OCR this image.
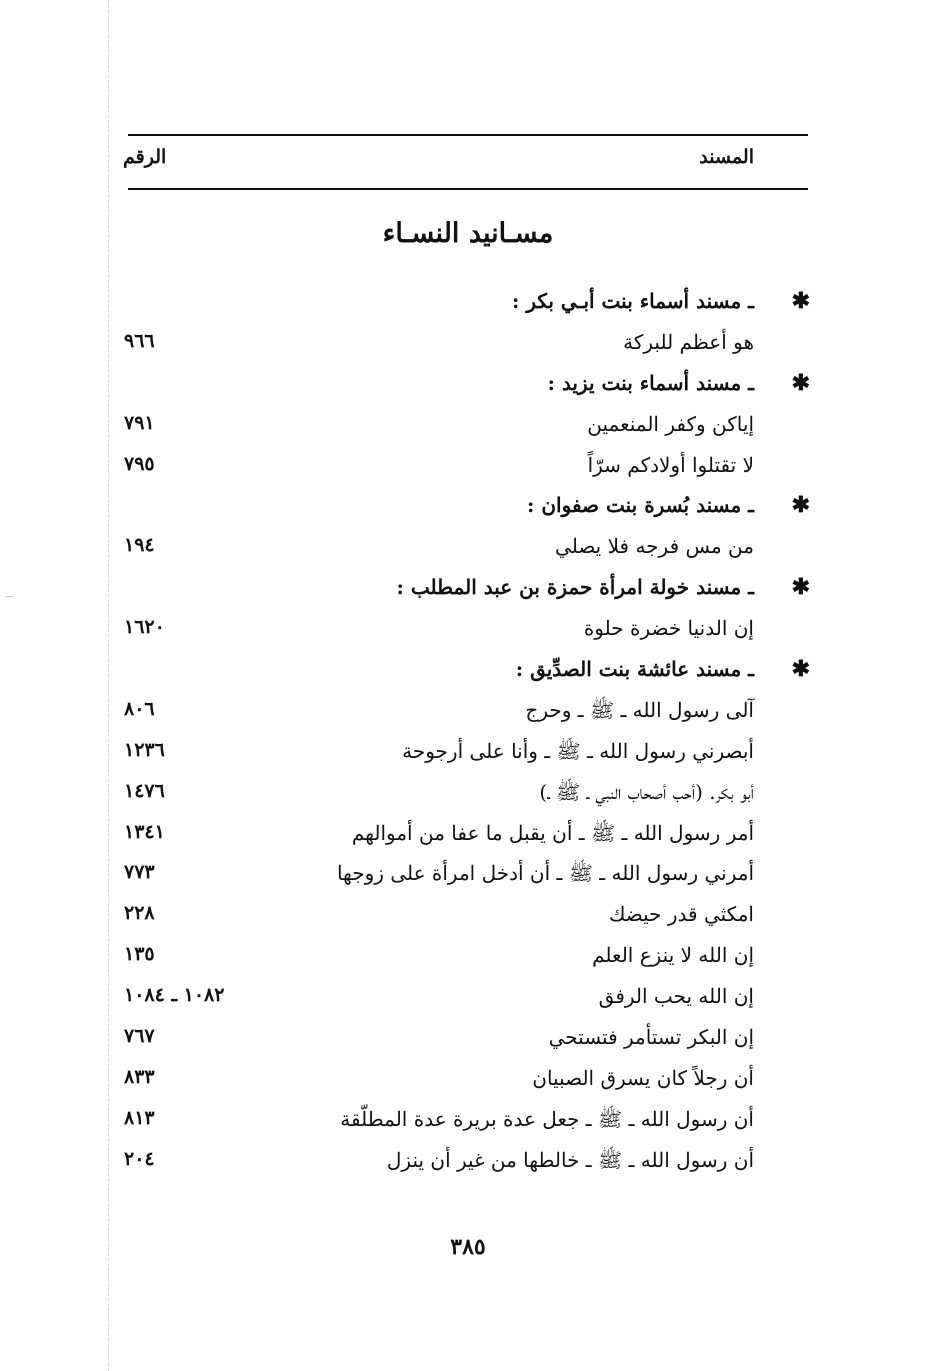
المسند
الرقم
مسـانيد النسـاء
✱
ـ مسند أسماء بنت أبـي بكر :
هو أعظم للبركة
٩٦٦
✱
ـ مسند أسماء بنت يزيد :
إياكن وكفر المنعمين
٧٩١
لا تقتلوا أولادكم سرّاً
٧٩٥
✱
ـ مسند بُسرة بنت صفوان :
من مس فرجه فلا يصلي
١٩٤
✱
ـ مسند خولة امرأة حمزة بن عبد المطلب :
إن الدنيا خضرة حلوة
١٦٢٠
✱
ـ مسند عائشة بنت الصدِّيق :
آلى رسول الله ـ ﷺ ـ وحرج
٨٠٦
أبصرني رسول الله ـ ﷺ ـ وأنا على أرجوحة
١٢٣٦
أبو بكر. (أحب أصحاب النبي ـ ﷺ ـ)
١٤٧٦
أمر رسول الله ـ ﷺ ـ أن يقبل ما عفا من أموالهم
١٣٤١
أمرني رسول الله ـ ﷺ ـ أن أدخل امرأة على زوجها
٧٧٣
امكثي قدر حيضك
٢٢٨
إن الله لا ينزع العلم
١٣٥
إن الله يحب الرفق
١٠٨٢ ـ ١٠٨٤
إن البكر تستأمر فتستحي
٧٦٧
أن رجلاً كان يسرق الصبيان
٨٣٣
أن رسول الله ـ ﷺ ـ جعل عدة بريرة عدة المطلّقة
٨١٣
أن رسول الله ـ ﷺ ـ خالطها من غير أن ينزل
٢٠٤
٣٨٥
